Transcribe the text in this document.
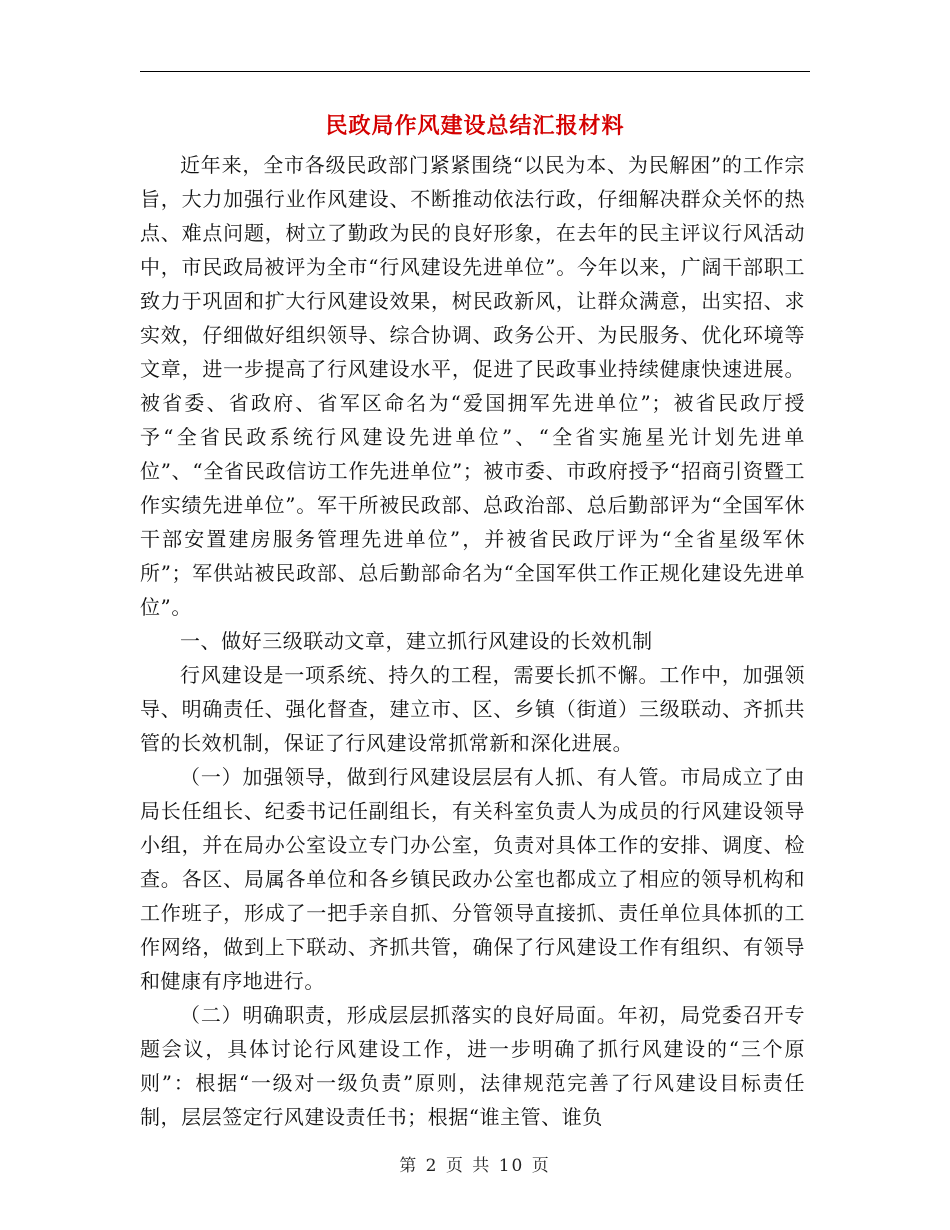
民政局作风建设总结汇报材料

近年来，全市各级民政部门紧紧围绕“以民为本、为民解困”的工作宗旨，大力加强行业作风建设、不断推动依法行政，仔细解决群众关怀的热点、难点问题，树立了勤政为民的良好形象，在去年的民主评议行风活动中，市民政局被评为全市“行风建设先进单位”。今年以来，广阔干部职工致力于巩固和扩大行风建设效果，树民政新风，让群众满意，出实招、求实效，仔细做好组织领导、综合协调、政务公开、为民服务、优化环境等文章，进一步提高了行风建设水平，促进了民政事业持续健康快速进展。被省委、省政府、省军区命名为“爱国拥军先进单位”；被省民政厅授予“全省民政系统行风建设先进单位”、“全省实施星光计划先进单位”、“全省民政信访工作先进单位”；被市委、市政府授予“招商引资暨工作实绩先进单位”。军干所被民政部、总政治部、总后勤部评为“全国军休干部安置建房服务管理先进单位”，并被省民政厅评为“全省星级军休所”；军供站被民政部、总后勤部命名为“全国军供工作正规化建设先进单位”。

一、做好三级联动文章，建立抓行风建设的长效机制

行风建设是一项系统、持久的工程，需要长抓不懈。工作中，加强领导、明确责任、强化督查，建立市、区、乡镇（街道）三级联动、齐抓共管的长效机制，保证了行风建设常抓常新和深化进展。

（一）加强领导，做到行风建设层层有人抓、有人管。市局成立了由局长任组长、纪委书记任副组长，有关科室负责人为成员的行风建设领导小组，并在局办公室设立专门办公室，负责对具体工作的安排、调度、检查。各区、局属各单位和各乡镇民政办公室也都成立了相应的领导机构和工作班子，形成了一把手亲自抓、分管领导直接抓、责任单位具体抓的工作网络，做到上下联动、齐抓共管，确保了行风建设工作有组织、有领导和健康有序地进行。

（二）明确职责，形成层层抓落实的良好局面。年初，局党委召开专题会议，具体讨论行风建设工作，进一步明确了抓行风建设的“三个原则”：根据“一级对一级负责”原则，法律规范完善了行风建设目标责任制，层层签定行风建设责任书；根据“谁主管、谁负

第 2 页 共 10 页
